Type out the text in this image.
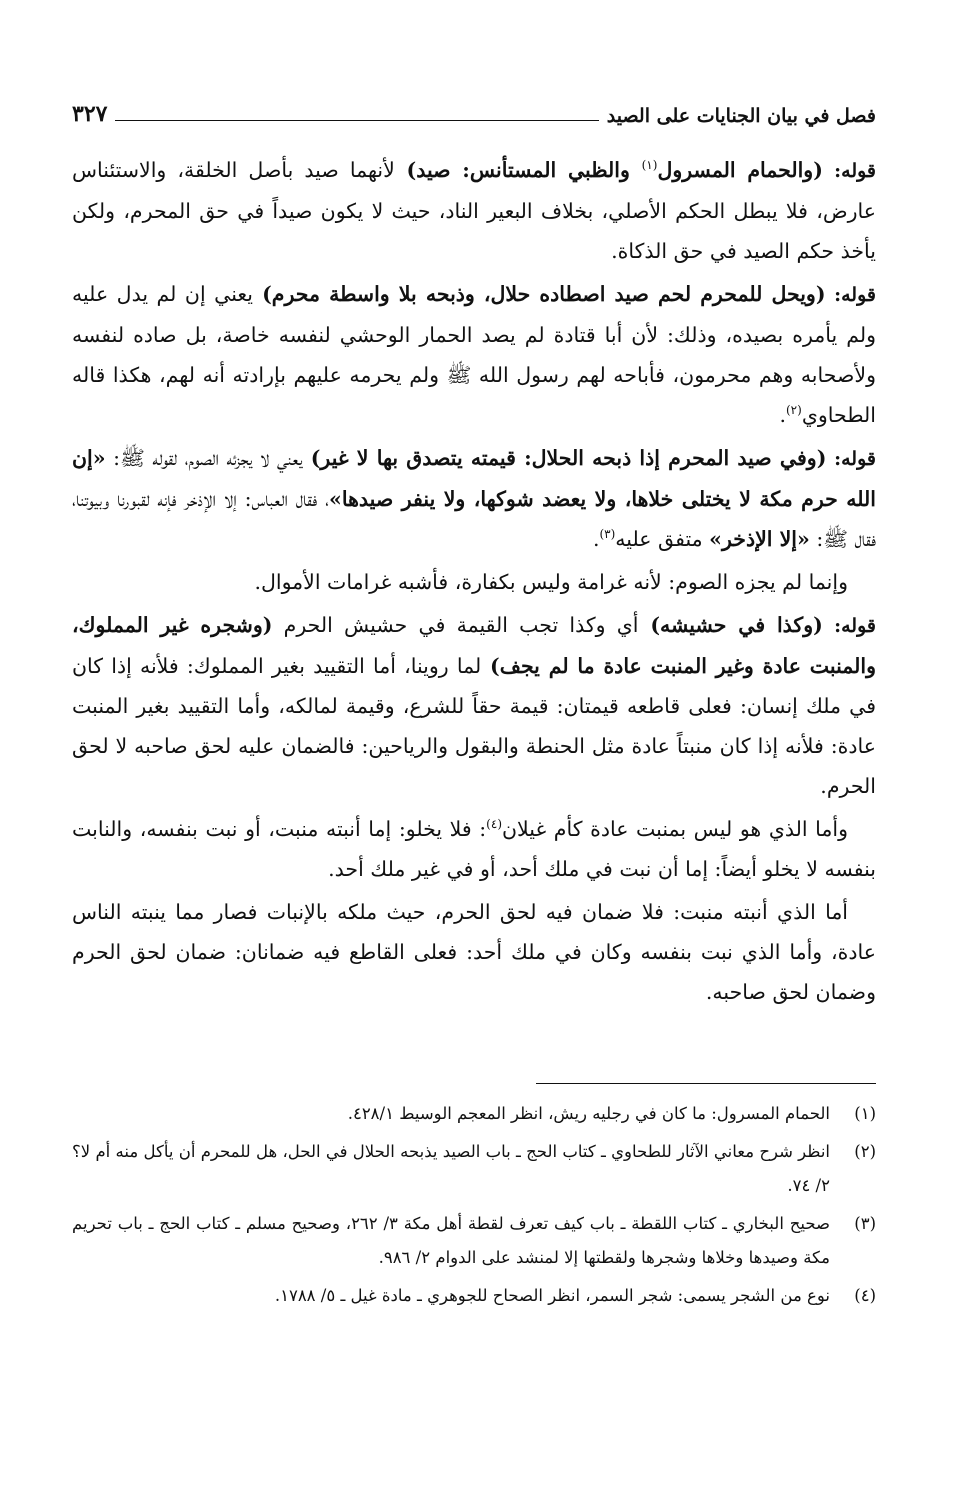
٣٢٧	فصل في بيان الجنايات على الصيد

قوله: (والحمام المسرول$^{(١)}$ والظبي المستأنس: صيد) لأنهما صيد بأصل الخلقة، والاستئناس عارض، فلا يبطل الحكم الأصلي، بخلاف البعير الناد، حيث لا يكون صيداً في حق المحرم، ولكن يأخذ حكم الصيد في حق الذكاة.

قوله: (ويحل للمحرم لحم صيد اصطاده حلال، وذبحه بلا واسطة محرم) يعني إن لم يدل عليه ولم يأمره بصيده، وذلك: لأن أبا قتادة لم يصد الحمار الوحشي لنفسه خاصة، بل صاده لنفسه ولأصحابه وهم محرمون، فأباحه لهم رسول الله ﷺ ولم يحرمه عليهم بإرادته أنه لهم، هكذا قاله الطحاوي$^{(٢)}$.

قوله: (وفي صيد المحرم إذا ذبحه الحلال: قيمته يتصدق بها لا غير) يعني لا يجزئه الصوم، لقوله ﷺ: «إن الله حرم مكة لا يختلى خلاها، ولا يعضد شوكها، ولا ينفر صيدها»، فقال العباس: إلا الإذخر فإنه لقبورنا وبيوتنا، فقال ﷺ: «إلا الإذخر» متفق عليه$^{(٣)}$.

وإنما لم يجزه الصوم: لأنه غرامة وليس بكفارة، فأشبه غرامات الأموال.

قوله: (وكذا في حشيشه) أي وكذا تجب القيمة في حشيش الحرم (وشجره غير المملوك، والمنبت عادة وغير المنبت عادة ما لم يجف) لما روينا، أما التقييد بغير المملوك: فلأنه إذا كان في ملك إنسان: فعلى قاطعه قيمتان: قيمة حقاً للشرع، وقيمة لمالكه، وأما التقييد بغير المنبت عادة: فلأنه إذا كان منبتاً عادة مثل الحنطة والبقول والرياحين: فالضمان عليه لحق صاحبه لا لحق الحرم.

وأما الذي هو ليس بمنبت عادة كأم غيلان$^{(٤)}$: فلا يخلو: إما أنبته منبت، أو نبت بنفسه، والنابت بنفسه لا يخلو أيضاً: إما أن نبت في ملك أحد، أو في غير ملك أحد.

أما الذي أنبته منبت: فلا ضمان فيه لحق الحرم، حيث ملكه بالإنبات فصار مما ينبته الناس عادة، وأما الذي نبت بنفسه وكان في ملك أحد: فعلى القاطع فيه ضمانان: ضمان لحق الحرم وضمان لحق صاحبه.

(١)
الحمام المسرول: ما كان في رجليه ريش، انظر المعجم الوسيط ٤٢٨/١.
(٢)
انظر شرح معاني الآثار للطحاوي ـ كتاب الحج ـ باب الصيد يذبحه الحلال في الحل، هل للمحرم أن يأكل منه أم لا؟ ٢/ ٧٤.
(٣)
صحيح البخاري ـ كتاب اللقطة ـ باب كيف تعرف لقطة أهل مكة ٣/ ٢٦٢، وصحيح مسلم ـ كتاب الحج ـ باب تحريم مكة وصيدها وخلاها وشجرها ولقطتها إلا لمنشد على الدوام ٢/ ٩٨٦.
(٤)
نوع من الشجر يسمى: شجر السمر، انظر الصحاح للجوهري ـ مادة غيل ـ ٥/ ١٧٨٨.
